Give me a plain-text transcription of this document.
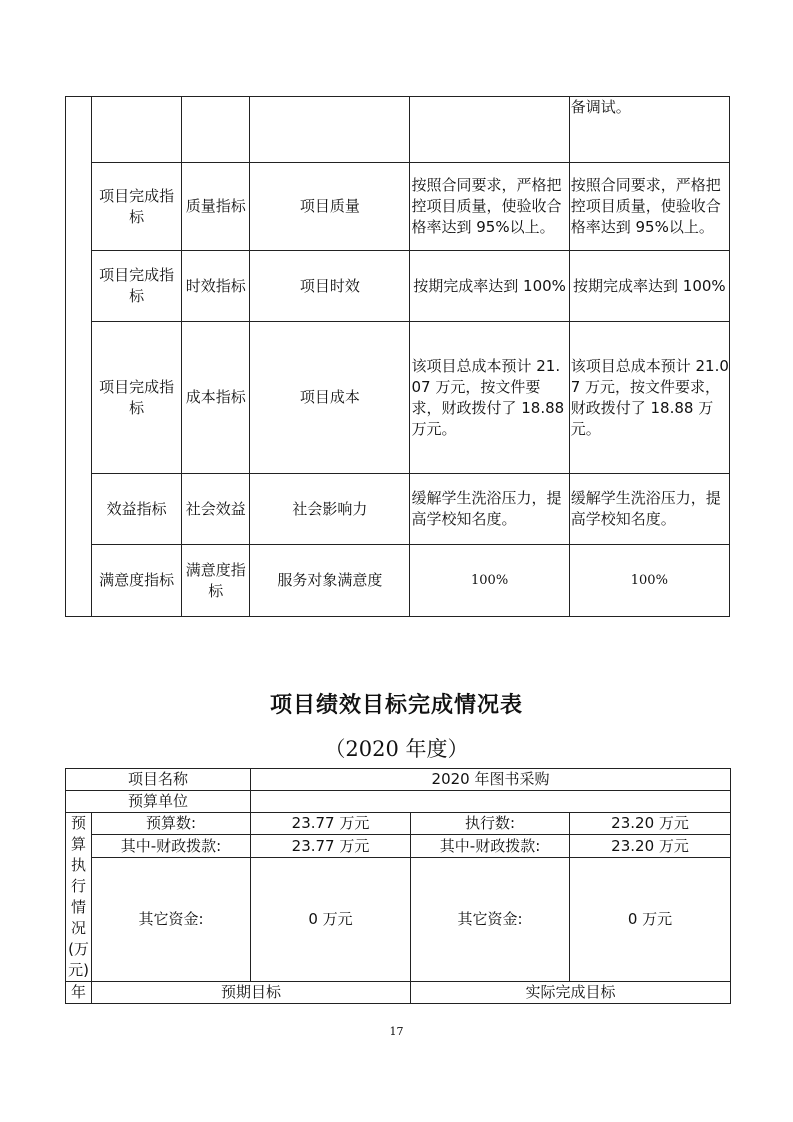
					备调试。
	项目完成指标	质量指标	项目质量	按照合同要求，严格把控项目质量，使验收合格率达到 95%以上。	按照合同要求，严格把控项目质量，使验收合格率达到 95%以上。
	项目完成指标	时效指标	项目时效	按期完成率达到 100%	按期完成率达到 100%
	项目完成指标	成本指标	项目成本	该项目总成本预计 21.07 万元，按文件要求，财政拨付了 18.88 万元。	该项目总成本预计 21.07 万元，按文件要求，财政拨付了 18.88 万元。
	效益指标	社会效益	社会影响力	缓解学生洗浴压力，提高学校知名度。	缓解学生洗浴压力，提高学校知名度。
	满意度指标	满意度指标	服务对象满意度	100%	100%
项目绩效目标完成情况表
（2020 年度）
项目名称		2020 年图书采购		
预算单位				
预算执行情况(万元)	预算数:	23.77 万元	执行数:	23.20 万元
	其中-财政拨款:	23.77 万元	其中-财政拨款:	23.20 万元
	其它资金:	0 万元	其它资金:	0 万元
年	预期目标		实际完成目标	
17
